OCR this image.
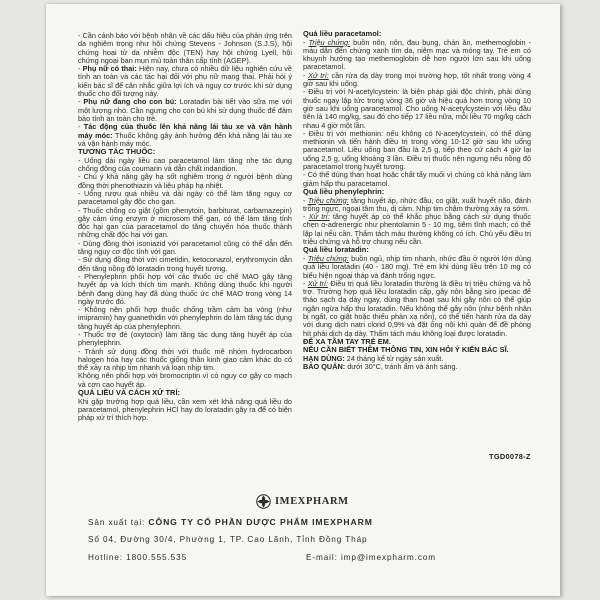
- Cần cảnh báo với bệnh nhân về các dấu hiệu của phản ứng trên da nghiêm trọng như hội chứng Stevens - Johnson (S.J.S), hội chứng hoại tử da nhiễm độc (TEN) hay hội chứng Lyell, hội chứng ngoại ban mụn mủ toàn thân cấp tính (AGEP).

- Phụ nữ có thai: Hiện nay, chưa có nhiều dữ liệu nghiên cứu về tính an toàn và các tác hại đối với phụ nữ mang thai. Phải hỏi ý kiến bác sĩ để cân nhắc giữa lợi ích và nguy cơ trước khi sử dụng thuốc cho đối tượng này.

- Phụ nữ đang cho con bú: Loratadin bài tiết vào sữa mẹ với một lượng nhỏ. Cần ngưng cho con bú khi sử dụng thuốc để đảm bảo tính an toàn cho trẻ.

- Tác động của thuốc lên khả năng lái tàu xe và vận hành máy móc: Thuốc không gây ảnh hưởng đến khả năng lái tàu xe và vận hành máy móc.

TƯƠNG TÁC THUỐC:

- Uống dài ngày liều cao paracetamol làm tăng nhẹ tác dụng chống đông của coumarin và dẫn chất indandion.

- Chú ý khả năng gây hạ sốt nghiêm trọng ở người bệnh dùng đồng thời phenothiazin và liệu pháp hạ nhiệt.

- Uống rượu quá nhiều và dài ngày có thể làm tăng nguy cơ paracetamol gây độc cho gan.

- Thuốc chống co giật (gồm phenytoin, barbiturat, carbamazepin) gây cảm ứng enzym ở microsom thể gan, có thể làm tăng tính độc hại gan của paracetamol do tăng chuyển hóa thuốc thành những chất độc hại với gan.

- Dùng đồng thời isoniazid với paracetamol cũng có thể dẫn đến tăng nguy cơ độc tính với gan.

- Sử dụng đồng thời với cimetidin, ketoconazol, erythromycin dẫn đến tăng nồng độ loratadin trong huyết tương.

- Phenylephrin phối hợp với các thuốc ức chế MAO gây tăng huyết áp và kích thích tim mạnh. Không dùng thuốc khi người bệnh đang dùng hay đã dùng thuốc ức chế MAO trong vòng 14 ngày trước đó.

- Không nên phối hợp thuốc chống trầm cảm ba vòng (như imipramin) hay guanethidin với phenylephrin do làm tăng tác dụng tăng huyết áp của phenylephrin.

- Thuốc trợ đẻ (oxytocin) làm tăng tác dụng tăng huyết áp của phenylephrin.

- Tránh sử dụng đồng thời với thuốc mê nhóm hydrocarbon halogen hóa hay các thuốc giống thần kinh giao cảm khác do có thể xảy ra nhịp tim nhanh và loạn nhịp tim.

Không nên phối hợp với bromocriptin vì có nguy cơ gây co mạch và cơn cao huyết áp.

QUÁ LIỀU VÀ CÁCH XỬ TRÍ:

Khi gặp trường hợp quá liều, cần xem xét khả năng quá liều do paracetamol, phenylephrin HCl hay do loratadin gây ra để có biện pháp xử trí thích hợp.

Quá liều paracetamol:

- Triệu chứng: buồn nôn, nôn, đau bụng, chán ăn, methemoglobin - máu dẫn đến chứng xanh tím da, niêm mạc và móng tay. Trẻ em có khuynh hướng tạo methemoglobin dễ hơn người lớn sau khi uống paracetamol.

- Xử trí: cần rửa dạ dày trong mọi trường hợp, tốt nhất trong vòng 4 giờ sau khi uống.

- Điều trị với N-acetylcystein: là biện pháp giải độc chính, phải dùng thuốc ngay lập tức trong vòng 36 giờ và hiệu quả hơn trong vòng 10 giờ sau khi uống paracetamol. Cho uống N-acetylcystein với liều đầu tiên là 140 mg/kg, sau đó cho tiếp 17 liều nữa, mỗi liều 70 mg/kg cách nhau 4 giờ một lần.

- Điều trị với methionin: nếu không có N-acetylcystein, có thể dùng methionin và tiến hành điều trị trong vòng 10-12 giờ sau khi uống paracetamol. Liều uống ban đầu là 2,5 g, tiếp theo cứ cách 4 giờ lại uống 2,5 g, uống khoảng 3 lần. Điều trị thuốc nên ngưng nếu nồng độ paracetamol trong huyết tương.

- Có thể dùng than hoạt hoặc chất tẩy muối vì chúng có khả năng làm giảm hấp thu paracetamol.

Quá liều phenylephrin:

- Triệu chứng: tăng huyết áp, nhức đầu, co giật, xuất huyết não, đánh trống ngực, ngoại tâm thu, dị cảm. Nhịp tim chậm thường xảy ra sớm.

- Xử trí: tăng huyết áp có thể khắc phục bằng cách sử dụng thuốc chẹn α-adrenergic như phentolamin 5 - 10 mg, tiêm tĩnh mạch; có thể lặp lại nếu cần. Thẩm tách máu thường không có ích. Chủ yếu điều trị triệu chứng và hỗ trợ chung nếu cần.

Quá liều loratadin:

- Triệu chứng: buồn ngủ, nhịp tim nhanh, nhức đầu ở người lớn dùng quá liều loratadin (40 - 180 mg). Trẻ em khi dùng liều trên 10 mg có biểu hiện ngoại tháp và đánh trống ngực.

- Xử trí: Điều trị quá liều loratadin thường là điều trị triệu chứng và hỗ trợ. Trường hợp quá liều loratadin cấp, gây nôn bằng siro ipecac để tháo sạch dạ dày ngay, dùng than hoạt sau khi gây nôn có thể giúp ngăn ngừa hấp thu loratadin. Nếu không thể gây nôn (như bệnh nhân bị ngất, co giật hoặc thiếu phản xạ nôn), có thể tiến hành rửa dạ dày với dung dịch natri clorid 0,9% và đặt ống nội khí quản để đề phòng hít phải dịch dạ dày. Thẩm tách máu không loại được loratadin.

ĐỂ XA TẦM TAY TRẺ EM.

NẾU CẦN BIẾT THÊM THÔNG TIN, XIN HỎI Ý KIẾN BÁC SĨ.

HẠN DÙNG: 24 tháng kể từ ngày sản xuất.

BẢO QUẢN: dưới 30°C, tránh ẩm và ánh sáng.

TGD0078-Z
IMEXPHARM
Sản xuất tại: CÔNG TY CỔ PHẦN DƯỢC PHẨM IMEXPHARM
Số 04, Đường 30/4, Phường 1, TP. Cao Lãnh, Tỉnh Đồng Tháp
Hotline: 1800.555.535	E-mail: imp@imexpharm.com
